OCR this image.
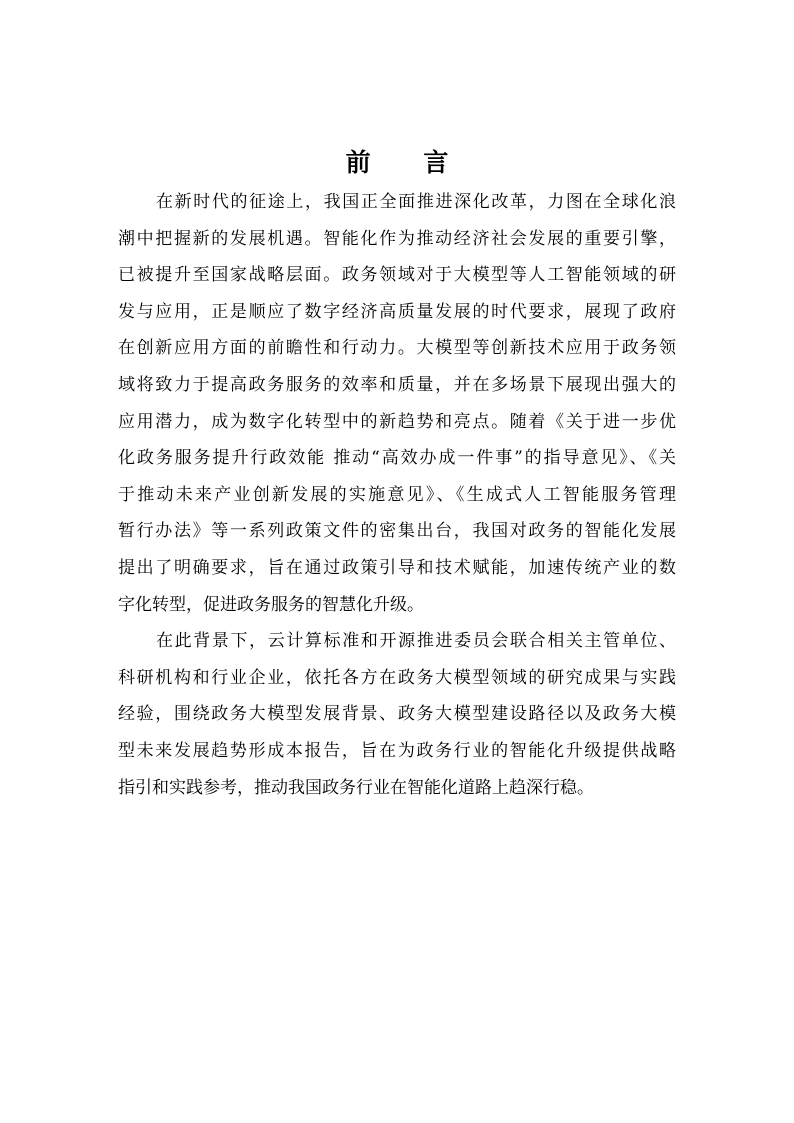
前 言
在新时代的征途上，我国正全面推进深化改革，力图在全球化浪
潮中把握新的发展机遇。智能化作为推动经济社会发展的重要引擎，
已被提升至国家战略层面。政务领域对于大模型等人工智能领域的研
发与应用，正是顺应了数字经济高质量发展的时代要求，展现了政府
在创新应用方面的前瞻性和行动力。大模型等创新技术应用于政务领
域将致力于提高政务服务的效率和质量，并在多场景下展现出强大的
应用潜力，成为数字化转型中的新趋势和亮点。随着《关于进一步优
化政务服务提升行政效能 推动“高效办成一件事”的指导意见》、《关
于推动未来产业创新发展的实施意见》、《生成式人工智能服务管理
暂行办法》等一系列政策文件的密集出台，我国对政务的智能化发展
提出了明确要求，旨在通过政策引导和技术赋能，加速传统产业的数
字化转型，促进政务服务的智慧化升级。
在此背景下，云计算标准和开源推进委员会联合相关主管单位、
科研机构和行业企业，依托各方在政务大模型领域的研究成果与实践
经验，围绕政务大模型发展背景、政务大模型建设路径以及政务大模
型未来发展趋势形成本报告，旨在为政务行业的智能化升级提供战略
指引和实践参考，推动我国政务行业在智能化道路上趋深行稳。
